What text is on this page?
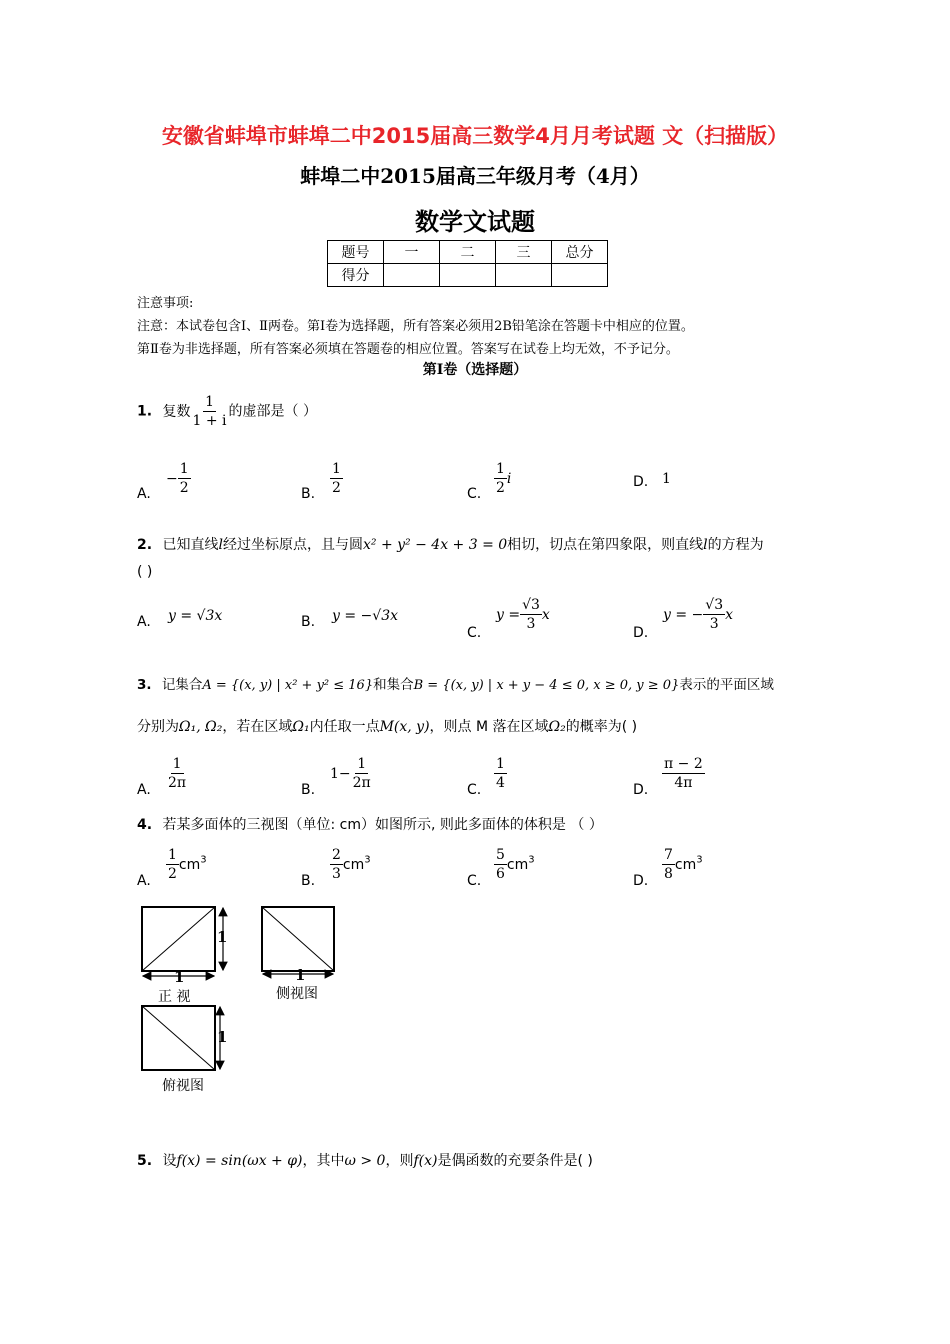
安徽省蚌埠市蚌埠二中2015届高三数学4月月考试题 文（扫描版）
蚌埠二中2015届高三年级月考（4月）
数学文试题
题号	一	二	三	总分
得分				
注意事项:
注意：本试卷包含Ⅰ、Ⅱ两卷。第Ⅰ卷为选择题，所有答案必须用2B铅笔涂在答题卡中相应的位置。
第Ⅱ卷为非选择题，所有答案必须填在答题卷的相应位置。答案写在试卷上均无效，不予记分。
第Ⅰ卷（选择题）
1. 复数 $\frac{1}{1 + i}$ 的虚部是（ ）
A.
− $\frac{1}{2}$	B. $\frac{1}{2}$	C. $\frac{1}{2}$ i	D. 1
2. 已知直线l经过坐标原点，且与圆x² + y² − 4x + 3 = 0相切，切点在第四象限，则直线l的方程为
( )
A. y = √3x	B. y = −√3x
C.
$y = \frac{√3}{3}$ x
D.
y = − $\frac{√3}{3}$ x
3. 记集合A = {(x, y) | x² + y² ≤ 16}和集合B = {(x, y) | x + y − 4 ≤ 0, x ≥ 0, y ≥ 0}表示的平面区域
分别为Ω₁, Ω₂，若在区域Ω₁内任取一点M(x, y)，则点 M 落在区域Ω₂的概率为( )
A. $\frac{1}{2\pi}$	B.
$1- \frac{1}{2\pi}$	C. $\frac{1}{4}$	D. $\frac{\pi - 2}{4\pi}$
4. 若某多面体的三视图（单位: cm）如图所示, 则此多面体的体积是 （ ）
A. $\frac{1}{2} cm^3$
B. $\frac{2}{3} cm^3$
C. $\frac{5}{6} cm^3$
D. $\frac{7}{8} cm^3$
1
1	1
1
正 视	侧视图
俯视图
5. 设f(x) = sin(ωx + φ)，其中ω > 0，则f(x)是偶函数的充要条件是( )
